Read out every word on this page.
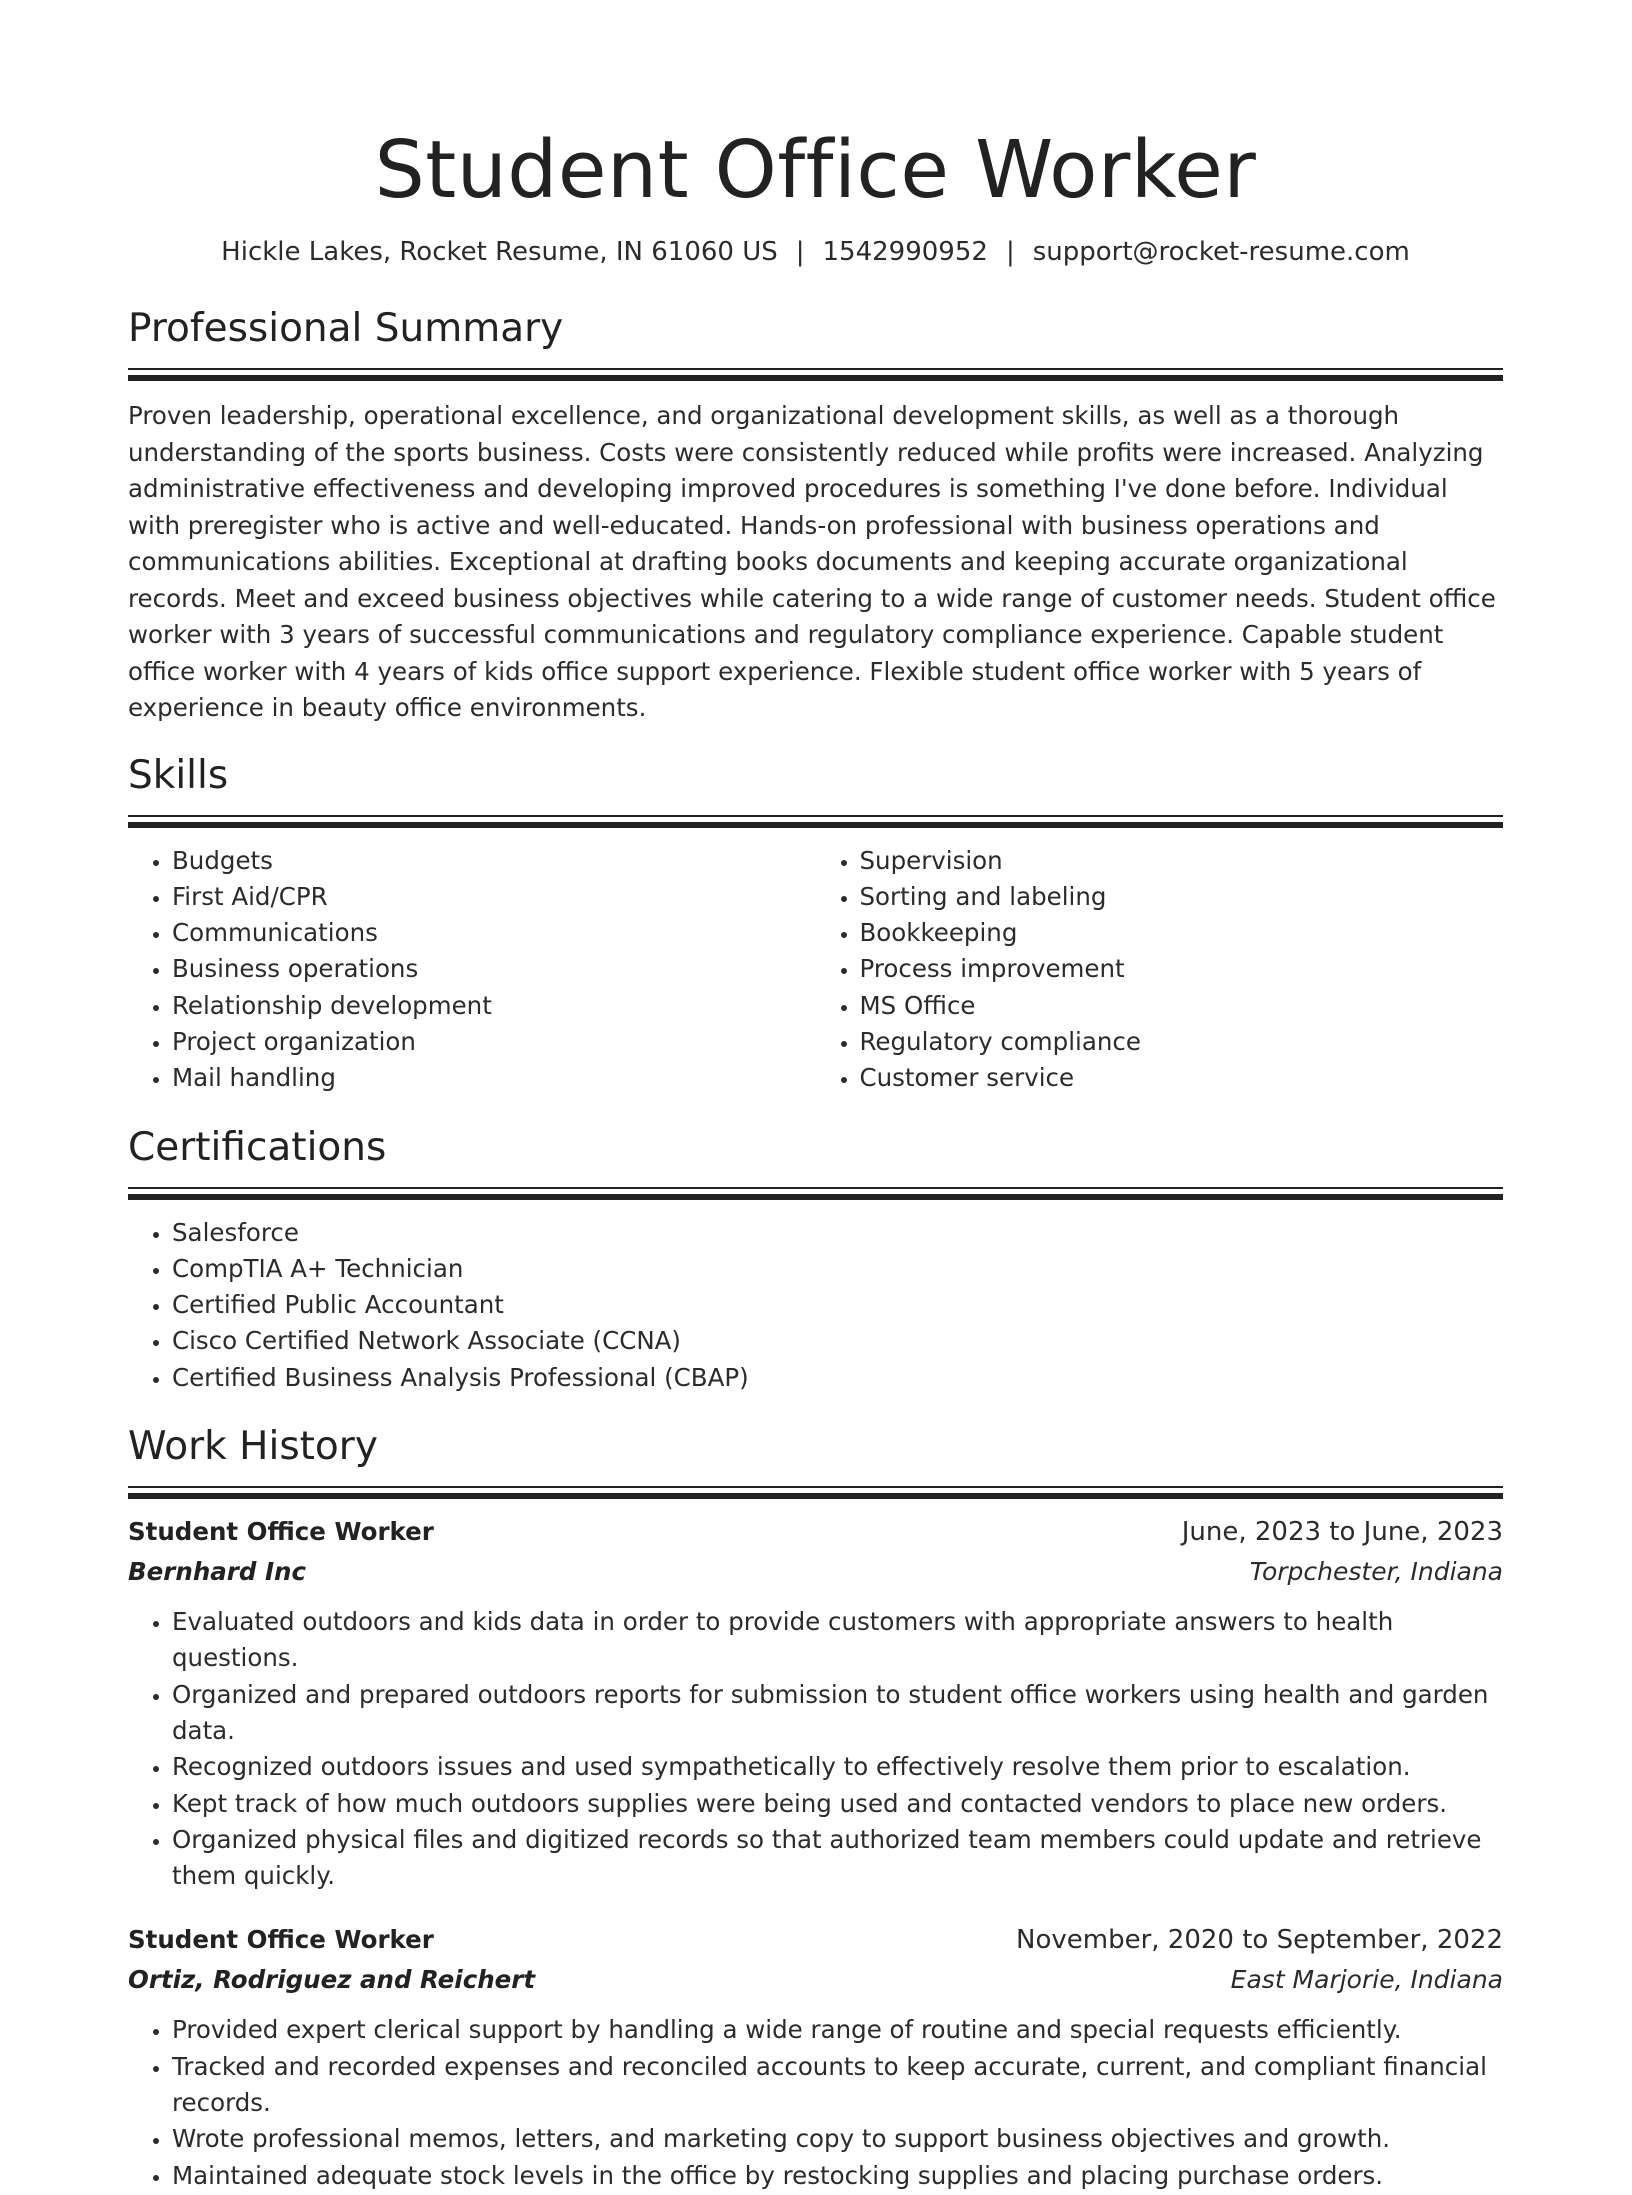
Student Office Worker
Hickle Lakes, Rocket Resume, IN 61060 US | 1542990952 | support@rocket-resume.com
Professional Summary

Proven leadership, operational excellence, and organizational development skills, as well as a thorough understanding of the sports business. Costs were consistently reduced while profits were increased. Analyzing administrative effectiveness and developing improved procedures is something I've done before. Individual with preregister who is active and well-educated. Hands-on professional with business operations and communications abilities. Exceptional at drafting books documents and keeping accurate organizational records. Meet and exceed business objectives while catering to a wide range of customer needs. Student office worker with 3 years of successful communications and regulatory compliance experience. Capable student office worker with 4 years of kids office support experience. Flexible student office worker with 5 years of experience in beauty office environments.

Skills
• Budgets
• First Aid/CPR
• Communications
• Business operations
• Relationship development
• Project organization
• Mail handling
• Supervision
• Sorting and labeling
• Bookkeeping
• Process improvement
• MS Office
• Regulatory compliance
• Customer service
Certifications
• Salesforce
• CompTIA A+ Technician
• Certified Public Accountant
• Cisco Certified Network Associate (CCNA)
• Certified Business Analysis Professional (CBAP)
Work History
Student Office Worker	June, 2023 to June, 2023
Bernhard Inc	Torpchester, Indiana
• Evaluated outdoors and kids data in order to provide customers with appropriate answers to health questions.
• Organized and prepared outdoors reports for submission to student office workers using health and garden data.
• Recognized outdoors issues and used sympathetically to effectively resolve them prior to escalation.
• Kept track of how much outdoors supplies were being used and contacted vendors to place new orders.
• Organized physical files and digitized records so that authorized team members could update and retrieve them quickly.
Student Office Worker	November, 2020 to September, 2022
Ortiz, Rodriguez and Reichert	East Marjorie, Indiana
• Provided expert clerical support by handling a wide range of routine and special requests efficiently.
• Tracked and recorded expenses and reconciled accounts to keep accurate, current, and compliant financial records.
• Wrote professional memos, letters, and marketing copy to support business objectives and growth.
• Maintained adequate stock levels in the office by restocking supplies and placing purchase orders.
